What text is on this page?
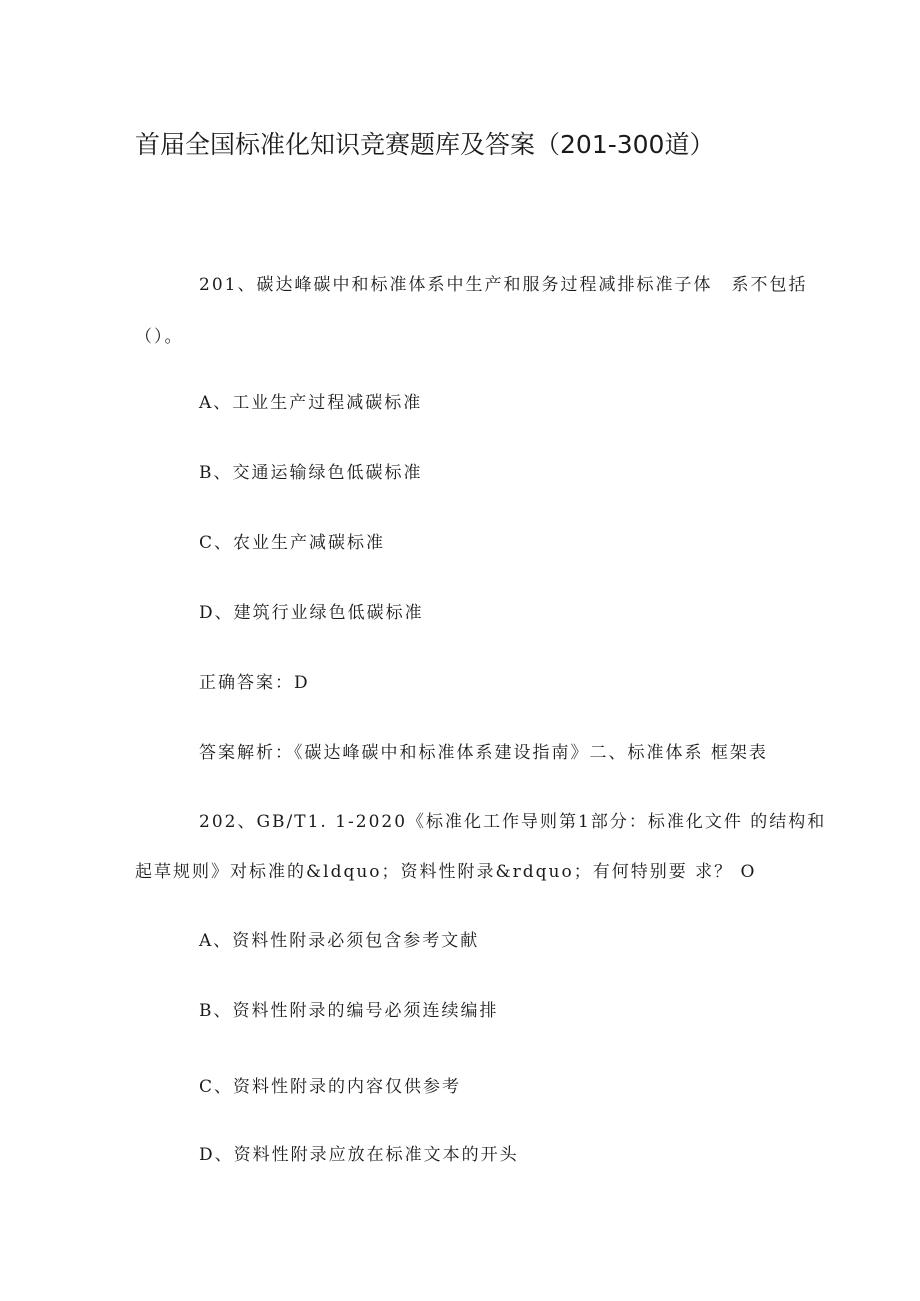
首届全国标准化知识竞赛题库及答案（201-300道）
201、碳达峰碳中和标准体系中生产和服务过程减排标准子体　系不包括
（）。
A、工业生产过程减碳标准
B、交通运输绿色低碳标准
C、农业生产减碳标准
D、建筑行业绿色低碳标准
正确答案：D
答案解析：《碳达峰碳中和标准体系建设指南》二、标准体系 框架表
202、GB/T1. 1-2020《标准化工作导则第1部分：标准化文件 的结构和
起草规则》对标准的&ldquo；资料性附录&rdquo；有何特别要 求？ O
A、资料性附录必须包含参考文献
B、资料性附录的编号必须连续编排
C、资料性附录的内容仅供参考
D、资料性附录应放在标准文本的开头
